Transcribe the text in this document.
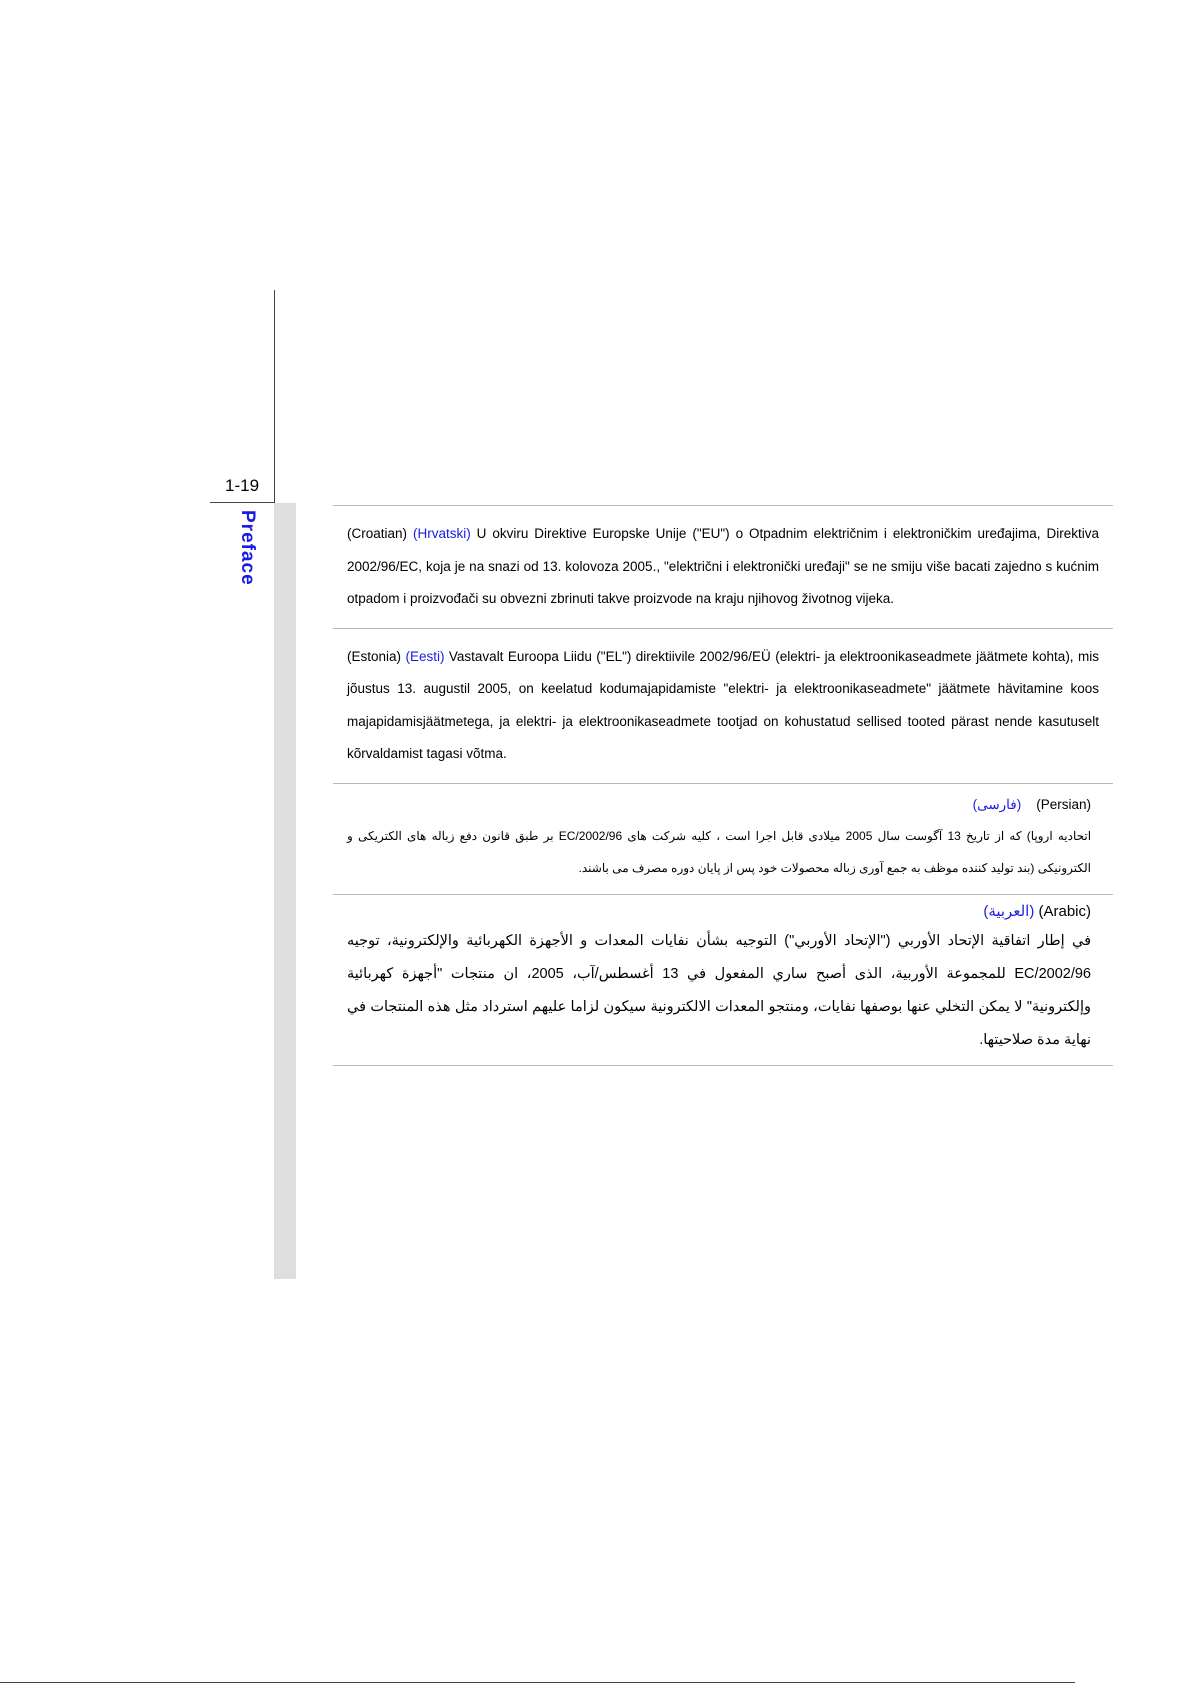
1-19
Preface	(Croatian) (Hrvatski) U okviru Direktive Europske Unije ("EU") o Otpadnim električnim i elektroničkim uređajima, Direktiva 2002/96/EC, koja je na snazi od 13. kolovoza 2005., "električni i elektronički uređaji" se ne smiju više bacati zajedno s kućnim otpadom i proizvođači su obvezni zbrinuti takve proizvode na kraju njihovog životnog vijeka.
(Estonia) (Eesti) Vastavalt Euroopa Liidu ("EL") direktiivile 2002/96/EÜ (elektri- ja elektroonikaseadmete jäätmete kohta), mis jõustus 13. augustil 2005, on keelatud kodumajapidamiste "elektri- ja elektroonikaseadmete" jäätmete hävitamine koos majapidamisjäätmetega, ja elektri- ja elektroonikaseadmete tootjad on kohustatud sellised tooted pärast nende kasutuselt kõrvaldamist tagasi võtma.
(فارسی) (Persian)
اتحادیه اروپا) که از تاریخ 13 آگوست سال 2005 میلادی قابل اجرا است ، کلیه شرکت های 2002/96/EC بر طبق قانون دفع زباله های الکتریکی و الکترونیکی (بند تولید کننده موظف به جمع آوری زباله محصولات خود پس از پایان دوره مصرف می باشند.
(العربية) (Arabic)
في إطار اتفاقية الإتحاد الأوربي ("الإتحاد الأوربي") التوجيه بشأن نفايات المعدات و الأجهزة الكهربائية والإلكترونية، توجيه 2002/96/EC للمجموعة الأوربية، الذى أصبح ساري المفعول في 13 أغسطس/آب، 2005، ان منتجات "أجهزة كهربائية وإلكترونية" لا يمكن التخلي عنها بوصفها نفايات، ومنتجو المعدات الالكترونية سيكون لزاما عليهم استرداد مثل هذه المنتجات في نهاية مدة صلاحيتها.
